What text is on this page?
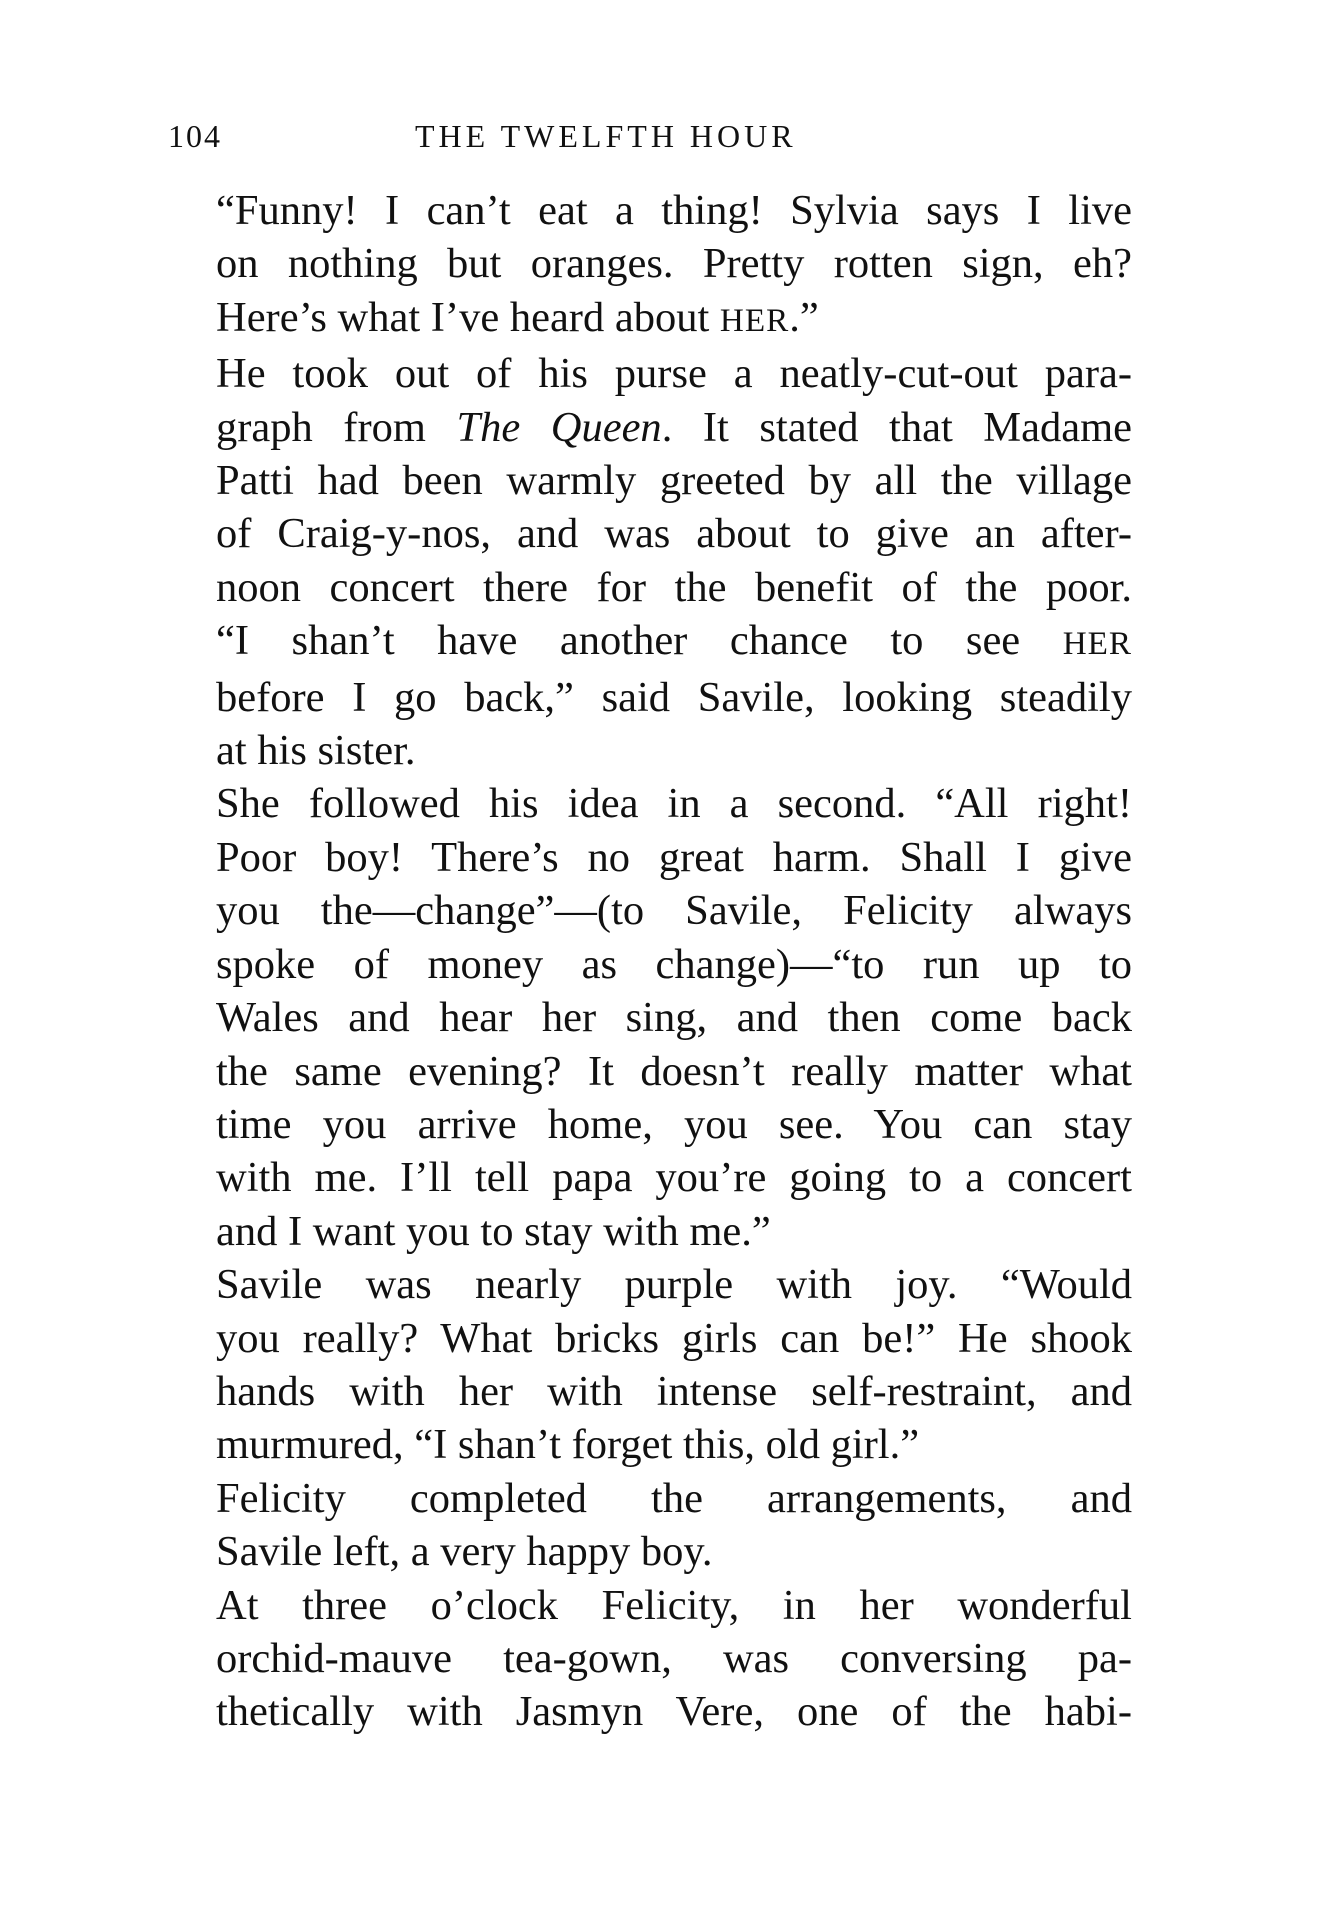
104	THE TWELFTH HOUR

“Funny! I can’t eat a thing! Sylvia says I live
on nothing but oranges. Pretty rotten sign, eh?
Here’s what I’ve heard about HER.”

He took out of his purse a neatly-cut-out para-
graph from The Queen. It stated that Madame
Patti had been warmly greeted by all the village
of Craig-y-nos, and was about to give an after-
noon concert there for the benefit of the poor.

“I shan’t have another chance to see HER
before I go back,” said Savile, looking steadily
at his sister.

She followed his idea in a second. “All right!
Poor boy! There’s no great harm. Shall I give
you the—change”—(to Savile, Felicity always
spoke of money as change)—“to run up to
Wales and hear her sing, and then come back
the same evening? It doesn’t really matter what
time you arrive home, you see. You can stay
with me. I’ll tell papa you’re going to a concert
and I want you to stay with me.”

Savile was nearly purple with joy. “Would
you really? What bricks girls can be!” He shook
hands with her with intense self-restraint, and
murmured, “I shan’t forget this, old girl.”

Felicity completed the arrangements, and
Savile left, a very happy boy.

At three o’clock Felicity, in her wonderful
orchid-mauve tea-gown, was conversing pa-
thetically with Jasmyn Vere, one of the habi-
